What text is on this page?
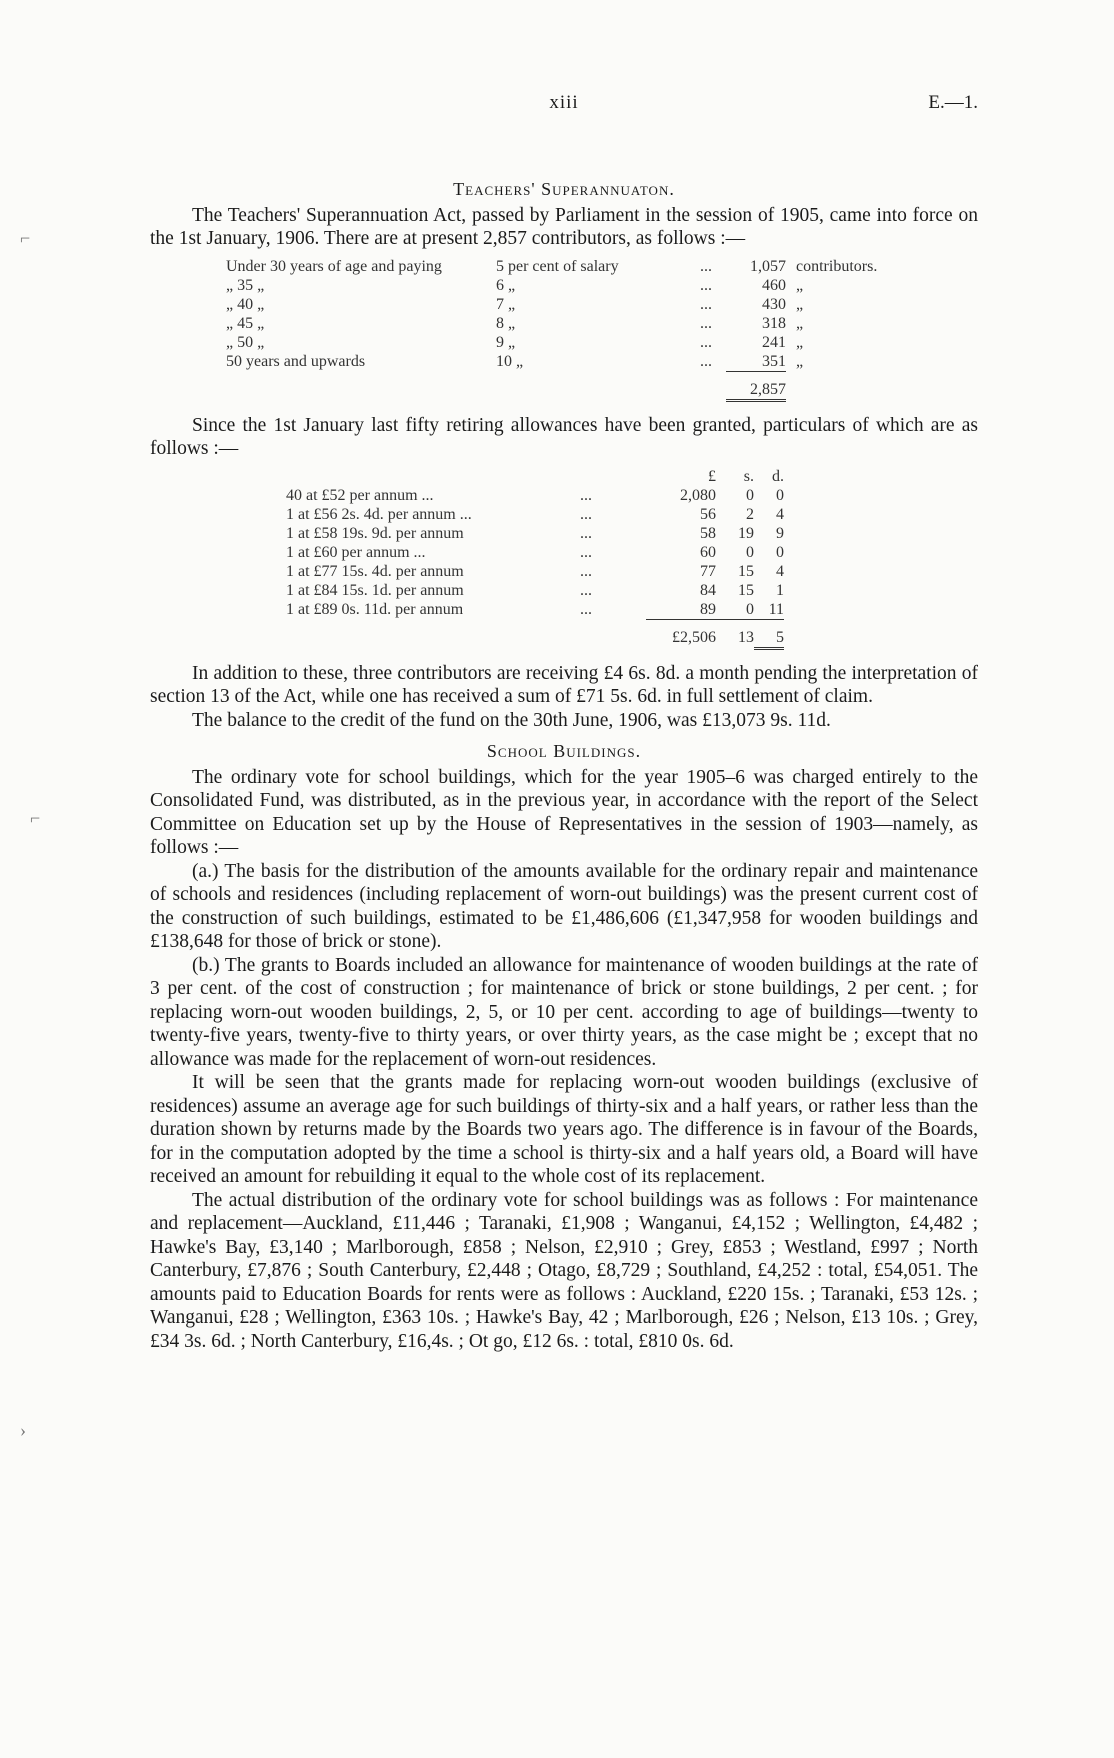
⌐
⌐
›
xiii	E.—1.
Teachers' Superannuaton.

The Teachers' Superannuation Act, passed by Parliament in the session of 1905, came into force on the 1st January, 1906. There are at present 2,857 contributors, as follows :—

Under 30 years of age and paying	5 per cent of salary	...	1,057	contributors.
„ 35 „	6 „	...	460	„
„ 40 „	7 „	...	430	„
„ 45 „	8 „	...	318	„
„ 50 „	9 „	...	241	„
50 years and upwards	10 „	...	351	„
			2,857	

Since the 1st January last fifty retiring allowances have been granted, particulars of which are as follows :—

		£	s.	d.
40 at £52 per annum ...	...	2,080	0	0
1 at £56 2s. 4d. per annum ...	...	56	2	4
1 at £58 19s. 9d. per annum	...	58	19	9
1 at £60 per annum ...	...	60	0	0
1 at £77 15s. 4d. per annum	...	77	15	4
1 at £84 15s. 1d. per annum	...	84	15	1
1 at £89 0s. 11d. per annum	...	89	0	11
		£2,506	13	5

In addition to these, three contributors are receiving £4 6s. 8d. a month pending the interpretation of section 13 of the Act, while one has received a sum of £71 5s. 6d. in full settlement of claim.

The balance to the credit of the fund on the 30th June, 1906, was £13,073 9s. 11d.

School Buildings.

The ordinary vote for school buildings, which for the year 1905–6 was charged entirely to the Consolidated Fund, was distributed, as in the previous year, in accordance with the report of the Select Committee on Education set up by the House of Representatives in the session of 1903—namely, as follows :—

(a.) The basis for the distribution of the amounts available for the ordinary repair and maintenance of schools and residences (including replacement of worn-out buildings) was the present current cost of the construction of such buildings, estimated to be £1,486,606 (£1,347,958 for wooden buildings and £138,648 for those of brick or stone).

(b.) The grants to Boards included an allowance for maintenance of wooden buildings at the rate of 3 per cent. of the cost of construction ; for maintenance of brick or stone buildings, 2 per cent. ; for replacing worn-out wooden buildings, 2, 5, or 10 per cent. according to age of buildings—twenty to twenty-five years, twenty-five to thirty years, or over thirty years, as the case might be ; except that no allowance was made for the replacement of worn-out residences.

It will be seen that the grants made for replacing worn-out wooden buildings (exclusive of residences) assume an average age for such buildings of thirty-six and a half years, or rather less than the duration shown by returns made by the Boards two years ago. The difference is in favour of the Boards, for in the computation adopted by the time a school is thirty-six and a half years old, a Board will have received an amount for rebuilding it equal to the whole cost of its replacement.

The actual distribution of the ordinary vote for school buildings was as follows : For maintenance and replacement—Auckland, £11,446 ; Taranaki, £1,908 ; Wanganui, £4,152 ; Wellington, £4,482 ; Hawke's Bay, £3,140 ; Marlborough, £858 ; Nelson, £2,910 ; Grey, £853 ; Westland, £997 ; North Canterbury, £7,876 ; South Canterbury, £2,448 ; Otago, £8,729 ; Southland, £4,252 : total, £54,051. The amounts paid to Education Boards for rents were as follows : Auckland, £220 15s. ; Taranaki, £53 12s. ; Wanganui, £28 ; Wellington, £363 10s. ; Hawke's Bay, 42 ; Marlborough, £26 ; Nelson, £13 10s. ; Grey, £34 3s. 6d. ; North Canterbury, £16,4s. ; Ot go, £12 6s. : total, £810 0s. 6d.
